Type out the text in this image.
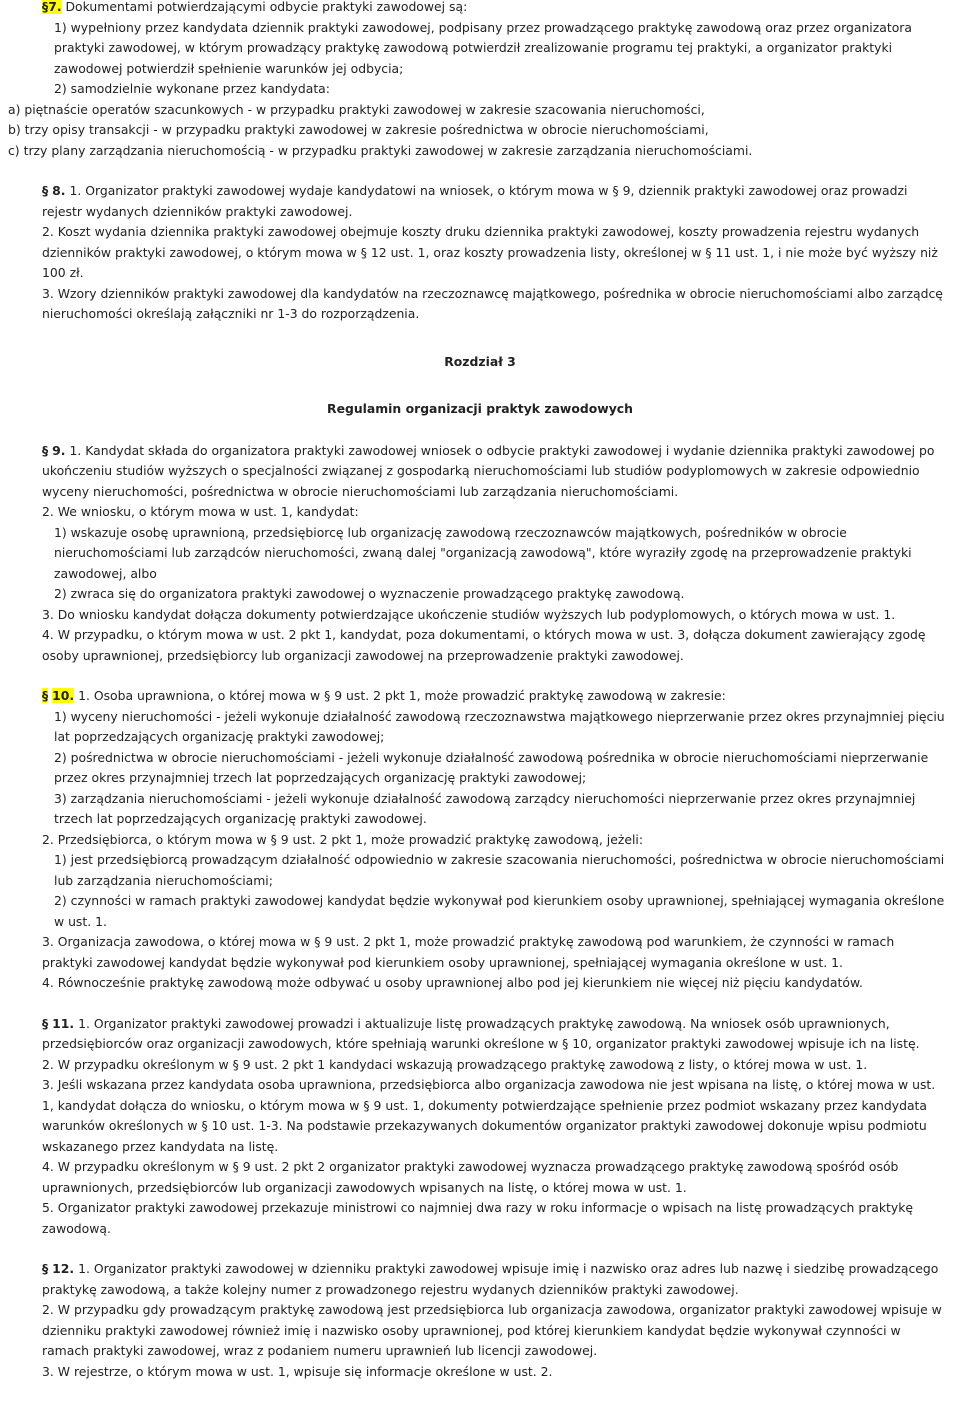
§7. Dokumentami potwierdzającymi odbycie praktyki zawodowej są:

1) wypełniony przez kandydata dziennik praktyki zawodowej, podpisany przez prowadzącego praktykę zawodową oraz przez organizatora praktyki zawodowej, w którym prowadzący praktykę zawodową potwierdził zrealizowanie programu tej praktyki, a organizator praktyki zawodowej potwierdził spełnienie warunków jej odbycia;

2) samodzielnie wykonane przez kandydata:

a) piętnaście operatów szacunkowych - w przypadku praktyki zawodowej w zakresie szacowania nieruchomości,

b) trzy opisy transakcji - w przypadku praktyki zawodowej w zakresie pośrednictwa w obrocie nieruchomościami,

c) trzy plany zarządzania nieruchomością - w przypadku praktyki zawodowej w zakresie zarządzania nieruchomościami.

§ 8. 1. Organizator praktyki zawodowej wydaje kandydatowi na wniosek, o którym mowa w § 9, dziennik praktyki zawodowej oraz prowadzi rejestr wydanych dzienników praktyki zawodowej.

2. Koszt wydania dziennika praktyki zawodowej obejmuje koszty druku dziennika praktyki zawodowej, koszty prowadzenia rejestru wydanych dzienników praktyki zawodowej, o którym mowa w § 12 ust. 1, oraz koszty prowadzenia listy, określonej w § 11 ust. 1, i nie może być wyższy niż 100 zł.

3. Wzory dzienników praktyki zawodowej dla kandydatów na rzeczoznawcę majątkowego, pośrednika w obrocie nieruchomościami albo zarządcę nieruchomości określają załączniki nr 1-3 do rozporządzenia.

Rozdział 3

Regulamin organizacji praktyk zawodowych

§ 9. 1. Kandydat składa do organizatora praktyki zawodowej wniosek o odbycie praktyki zawodowej i wydanie dziennika praktyki zawodowej po ukończeniu studiów wyższych o specjalności związanej z gospodarką nieruchomościami lub studiów podyplomowych w zakresie odpowiednio wyceny nieruchomości, pośrednictwa w obrocie nieruchomościami lub zarządzania nieruchomościami.

2. We wniosku, o którym mowa w ust. 1, kandydat:

1) wskazuje osobę uprawnioną, przedsiębiorcę lub organizację zawodową rzeczoznawców majątkowych, pośredników w obrocie nieruchomościami lub zarządców nieruchomości, zwaną dalej "organizacją zawodową", które wyraziły zgodę na przeprowadzenie praktyki zawodowej, albo

2) zwraca się do organizatora praktyki zawodowej o wyznaczenie prowadzącego praktykę zawodową.

3. Do wniosku kandydat dołącza dokumenty potwierdzające ukończenie studiów wyższych lub podyplomowych, o których mowa w ust. 1.

4. W przypadku, o którym mowa w ust. 2 pkt 1, kandydat, poza dokumentami, o których mowa w ust. 3, dołącza dokument zawierający zgodę osoby uprawnionej, przedsiębiorcy lub organizacji zawodowej na przeprowadzenie praktyki zawodowej.

§ 10. 1. Osoba uprawniona, o której mowa w § 9 ust. 2 pkt 1, może prowadzić praktykę zawodową w zakresie:

1) wyceny nieruchomości - jeżeli wykonuje działalność zawodową rzeczoznawstwa majątkowego nieprzerwanie przez okres przynajmniej pięciu lat poprzedzających organizację praktyki zawodowej;

2) pośrednictwa w obrocie nieruchomościami - jeżeli wykonuje działalność zawodową pośrednika w obrocie nieruchomościami nieprzerwanie przez okres przynajmniej trzech lat poprzedzających organizację praktyki zawodowej;

3) zarządzania nieruchomościami - jeżeli wykonuje działalność zawodową zarządcy nieruchomości nieprzerwanie przez okres przynajmniej trzech lat poprzedzających organizację praktyki zawodowej.

2. Przedsiębiorca, o którym mowa w § 9 ust. 2 pkt 1, może prowadzić praktykę zawodową, jeżeli:

1) jest przedsiębiorcą prowadzącym działalność odpowiednio w zakresie szacowania nieruchomości, pośrednictwa w obrocie nieruchomościami lub zarządzania nieruchomościami;

2) czynności w ramach praktyki zawodowej kandydat będzie wykonywał pod kierunkiem osoby uprawnionej, spełniającej wymagania określone w ust. 1.

3. Organizacja zawodowa, o której mowa w § 9 ust. 2 pkt 1, może prowadzić praktykę zawodową pod warunkiem, że czynności w ramach praktyki zawodowej kandydat będzie wykonywał pod kierunkiem osoby uprawnionej, spełniającej wymagania określone w ust. 1.

4. Równocześnie praktykę zawodową może odbywać u osoby uprawnionej albo pod jej kierunkiem nie więcej niż pięciu kandydatów.

§ 11. 1. Organizator praktyki zawodowej prowadzi i aktualizuje listę prowadzących praktykę zawodową. Na wniosek osób uprawnionych, przedsiębiorców oraz organizacji zawodowych, które spełniają warunki określone w § 10, organizator praktyki zawodowej wpisuje ich na listę.

2. W przypadku określonym w § 9 ust. 2 pkt 1 kandydaci wskazują prowadzącego praktykę zawodową z listy, o której mowa w ust. 1.

3. Jeśli wskazana przez kandydata osoba uprawniona, przedsiębiorca albo organizacja zawodowa nie jest wpisana na listę, o której mowa w ust. 1, kandydat dołącza do wniosku, o którym mowa w § 9 ust. 1, dokumenty potwierdzające spełnienie przez podmiot wskazany przez kandydata warunków określonych w § 10 ust. 1-3. Na podstawie przekazywanych dokumentów organizator praktyki zawodowej dokonuje wpisu podmiotu wskazanego przez kandydata na listę.

4. W przypadku określonym w § 9 ust. 2 pkt 2 organizator praktyki zawodowej wyznacza prowadzącego praktykę zawodową spośród osób uprawnionych, przedsiębiorców lub organizacji zawodowych wpisanych na listę, o której mowa w ust. 1.

5. Organizator praktyki zawodowej przekazuje ministrowi co najmniej dwa razy w roku informacje o wpisach na listę prowadzących praktykę zawodową.

§ 12. 1. Organizator praktyki zawodowej w dzienniku praktyki zawodowej wpisuje imię i nazwisko oraz adres lub nazwę i siedzibę prowadzącego praktykę zawodową, a także kolejny numer z prowadzonego rejestru wydanych dzienników praktyki zawodowej.

2. W przypadku gdy prowadzącym praktykę zawodową jest przedsiębiorca lub organizacja zawodowa, organizator praktyki zawodowej wpisuje w dzienniku praktyki zawodowej również imię i nazwisko osoby uprawnionej, pod której kierunkiem kandydat będzie wykonywał czynności w ramach praktyki zawodowej, wraz z podaniem numeru uprawnień lub licencji zawodowej.

3. W rejestrze, o którym mowa w ust. 1, wpisuje się informacje określone w ust. 2.
